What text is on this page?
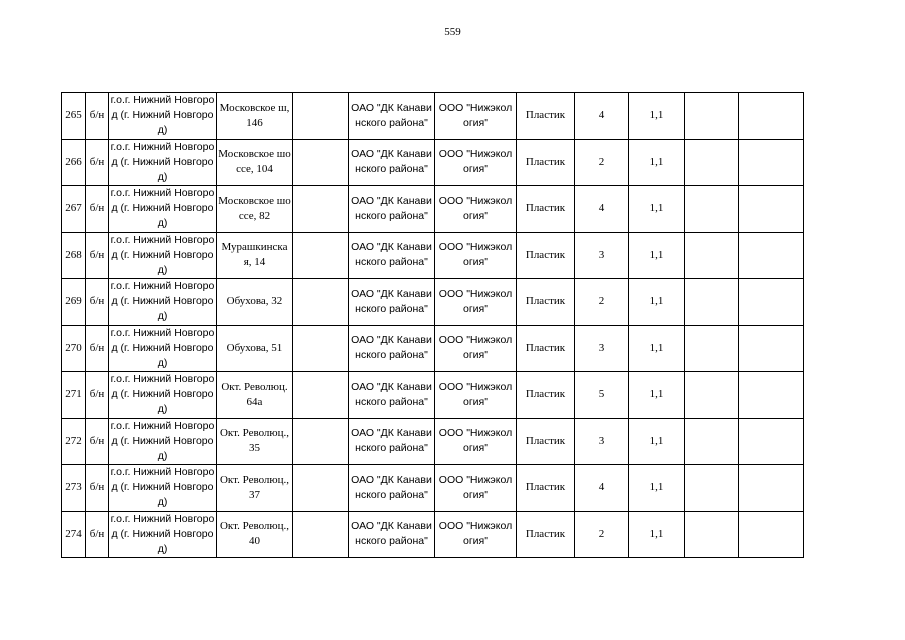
559
265	б/н	г.о.г. Нижний Новгород (г. Нижний Новгород)	Московское ш, 146		ОАО "ДК Канавинского района"	ООО "Нижэкология"	Пластик	4	1,1		
266	б/н	г.о.г. Нижний Новгород (г. Нижний Новгород)	Московское шоссе, 104		ОАО "ДК Канавинского района"	ООО "Нижэкология"	Пластик	2	1,1		
267	б/н	г.о.г. Нижний Новгород (г. Нижний Новгород)	Московское шоссе, 82		ОАО "ДК Канавинского района"	ООО "Нижэкология"	Пластик	4	1,1		
268	б/н	г.о.г. Нижний Новгород (г. Нижний Новгород)	Мурашкинская, 14		ОАО "ДК Канавинского района"	ООО "Нижэкология"	Пластик	3	1,1		
269	б/н	г.о.г. Нижний Новгород (г. Нижний Новгород)	Обухова, 32		ОАО "ДК Канавинского района"	ООО "Нижэкология"	Пластик	2	1,1		
270	б/н	г.о.г. Нижний Новгород (г. Нижний Новгород)	Обухова, 51		ОАО "ДК Канавинского района"	ООО "Нижэкология"	Пластик	3	1,1		
271	б/н	г.о.г. Нижний Новгород (г. Нижний Новгород)	Окт. Революц. 64а		ОАО "ДК Канавинского района"	ООО "Нижэкология"	Пластик	5	1,1		
272	б/н	г.о.г. Нижний Новгород (г. Нижний Новгород)	Окт. Революц., 35		ОАО "ДК Канавинского района"	ООО "Нижэкология"	Пластик	3	1,1		
273	б/н	г.о.г. Нижний Новгород (г. Нижний Новгород)	Окт. Революц., 37		ОАО "ДК Канавинского района"	ООО "Нижэкология"	Пластик	4	1,1		
274	б/н	г.о.г. Нижний Новгород (г. Нижний Новгород)	Окт. Революц., 40		ОАО "ДК Канавинского района"	ООО "Нижэкология"	Пластик	2	1,1		
